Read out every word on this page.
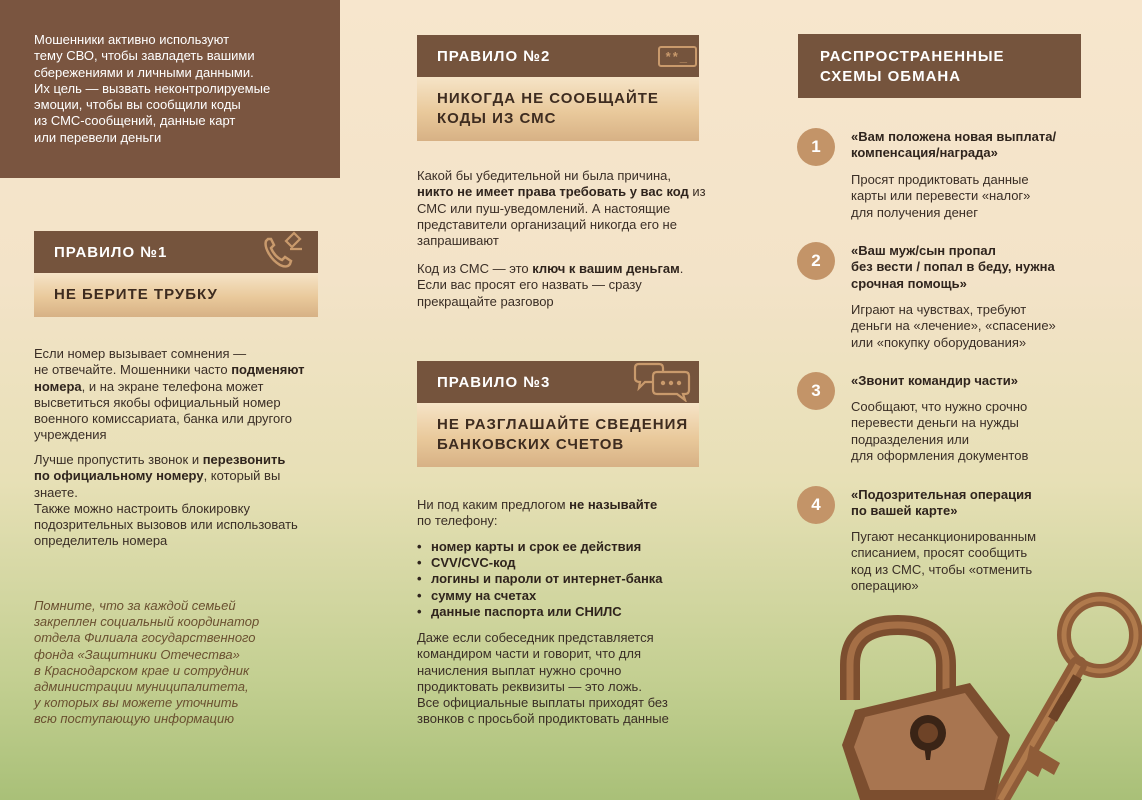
Мошенники активно используют

тему СВО, чтобы завладеть вашими

сбережениями и личными данными.

Их цель — вызвать неконтролируемые

эмоции, чтобы вы сообщили коды

из СМС-сообщений, данные карт

или перевели деньги

ПРАВИЛО №1
НЕ БЕРИТЕ ТРУБКУ

Если номер вызывает сомнения —

не отвечайте. Мошенники часто подменяют

номера, и на экране телефона может

высветиться якобы официальный номер

военного комиссариата, банка или другого

учреждения

Лучше пропустить звонок и перезвонить

по официальному номеру, который вы знаете.

Также можно настроить блокировку

подозрительных вызовов или использовать

определитель номера

Помните, что за каждой семьей

закреплен социальный координатор

отдела Филиала государственного

фонда «Защитники Отечества»

в Краснодарском крае и сотрудник

администрации муниципалитета,

у которых вы можете уточнить

всю поступающую информацию

ПРАВИЛО №2	**_
НИКОГДА НЕ СООБЩАЙТЕ
КОДЫ ИЗ СМС

Какой бы убедительной ни была причина,

никто не имеет права требовать у вас код из

СМС или пуш-уведомлений. А настоящие

представители организаций никогда его не

запрашивают

Код из СМС — это ключ к вашим деньгам.

Если вас просят его назвать — сразу

прекращайте разговор

ПРАВИЛО №3
НЕ РАЗГЛАШАЙТЕ СВЕДЕНИЯ
БАНКОВСКИХ СЧЕТОВ

Ни под каким предлогом не называйте

по телефону:

• номер карты и срок ее действия
• CVV/CVC-код
• логины и пароли от интернет-банка
• сумму на счетах
• данные паспорта или СНИЛС

Даже если собеседник представляется

командиром части и говорит, что для

начисления выплат нужно срочно

продиктовать реквизиты — это ложь.

Все официальные выплаты приходят без

звонков с просьбой продиктовать данные

РАСПРОСТРАНЕННЫЕ

СХЕМЫ ОБМАНА

1

«Вам положена новая выплата/

компенсация/награда»

Просят продиктовать данные

карты или перевести «налог»

для получения денег

2

«Ваш муж/сын пропал

без вести / попал в беду, нужна

срочная помощь»

Играют на чувствах, требуют

деньги на «лечение», «спасение»

или «покупку оборудования»

3

«Звонит командир части»

Сообщают, что нужно срочно

перевести деньги на нужды

подразделения или

для оформления документов

4

«Подозрительная операция

по вашей карте»

Пугают несанкционированным

списанием, просят сообщить

код из СМС, чтобы «отменить

операцию»
